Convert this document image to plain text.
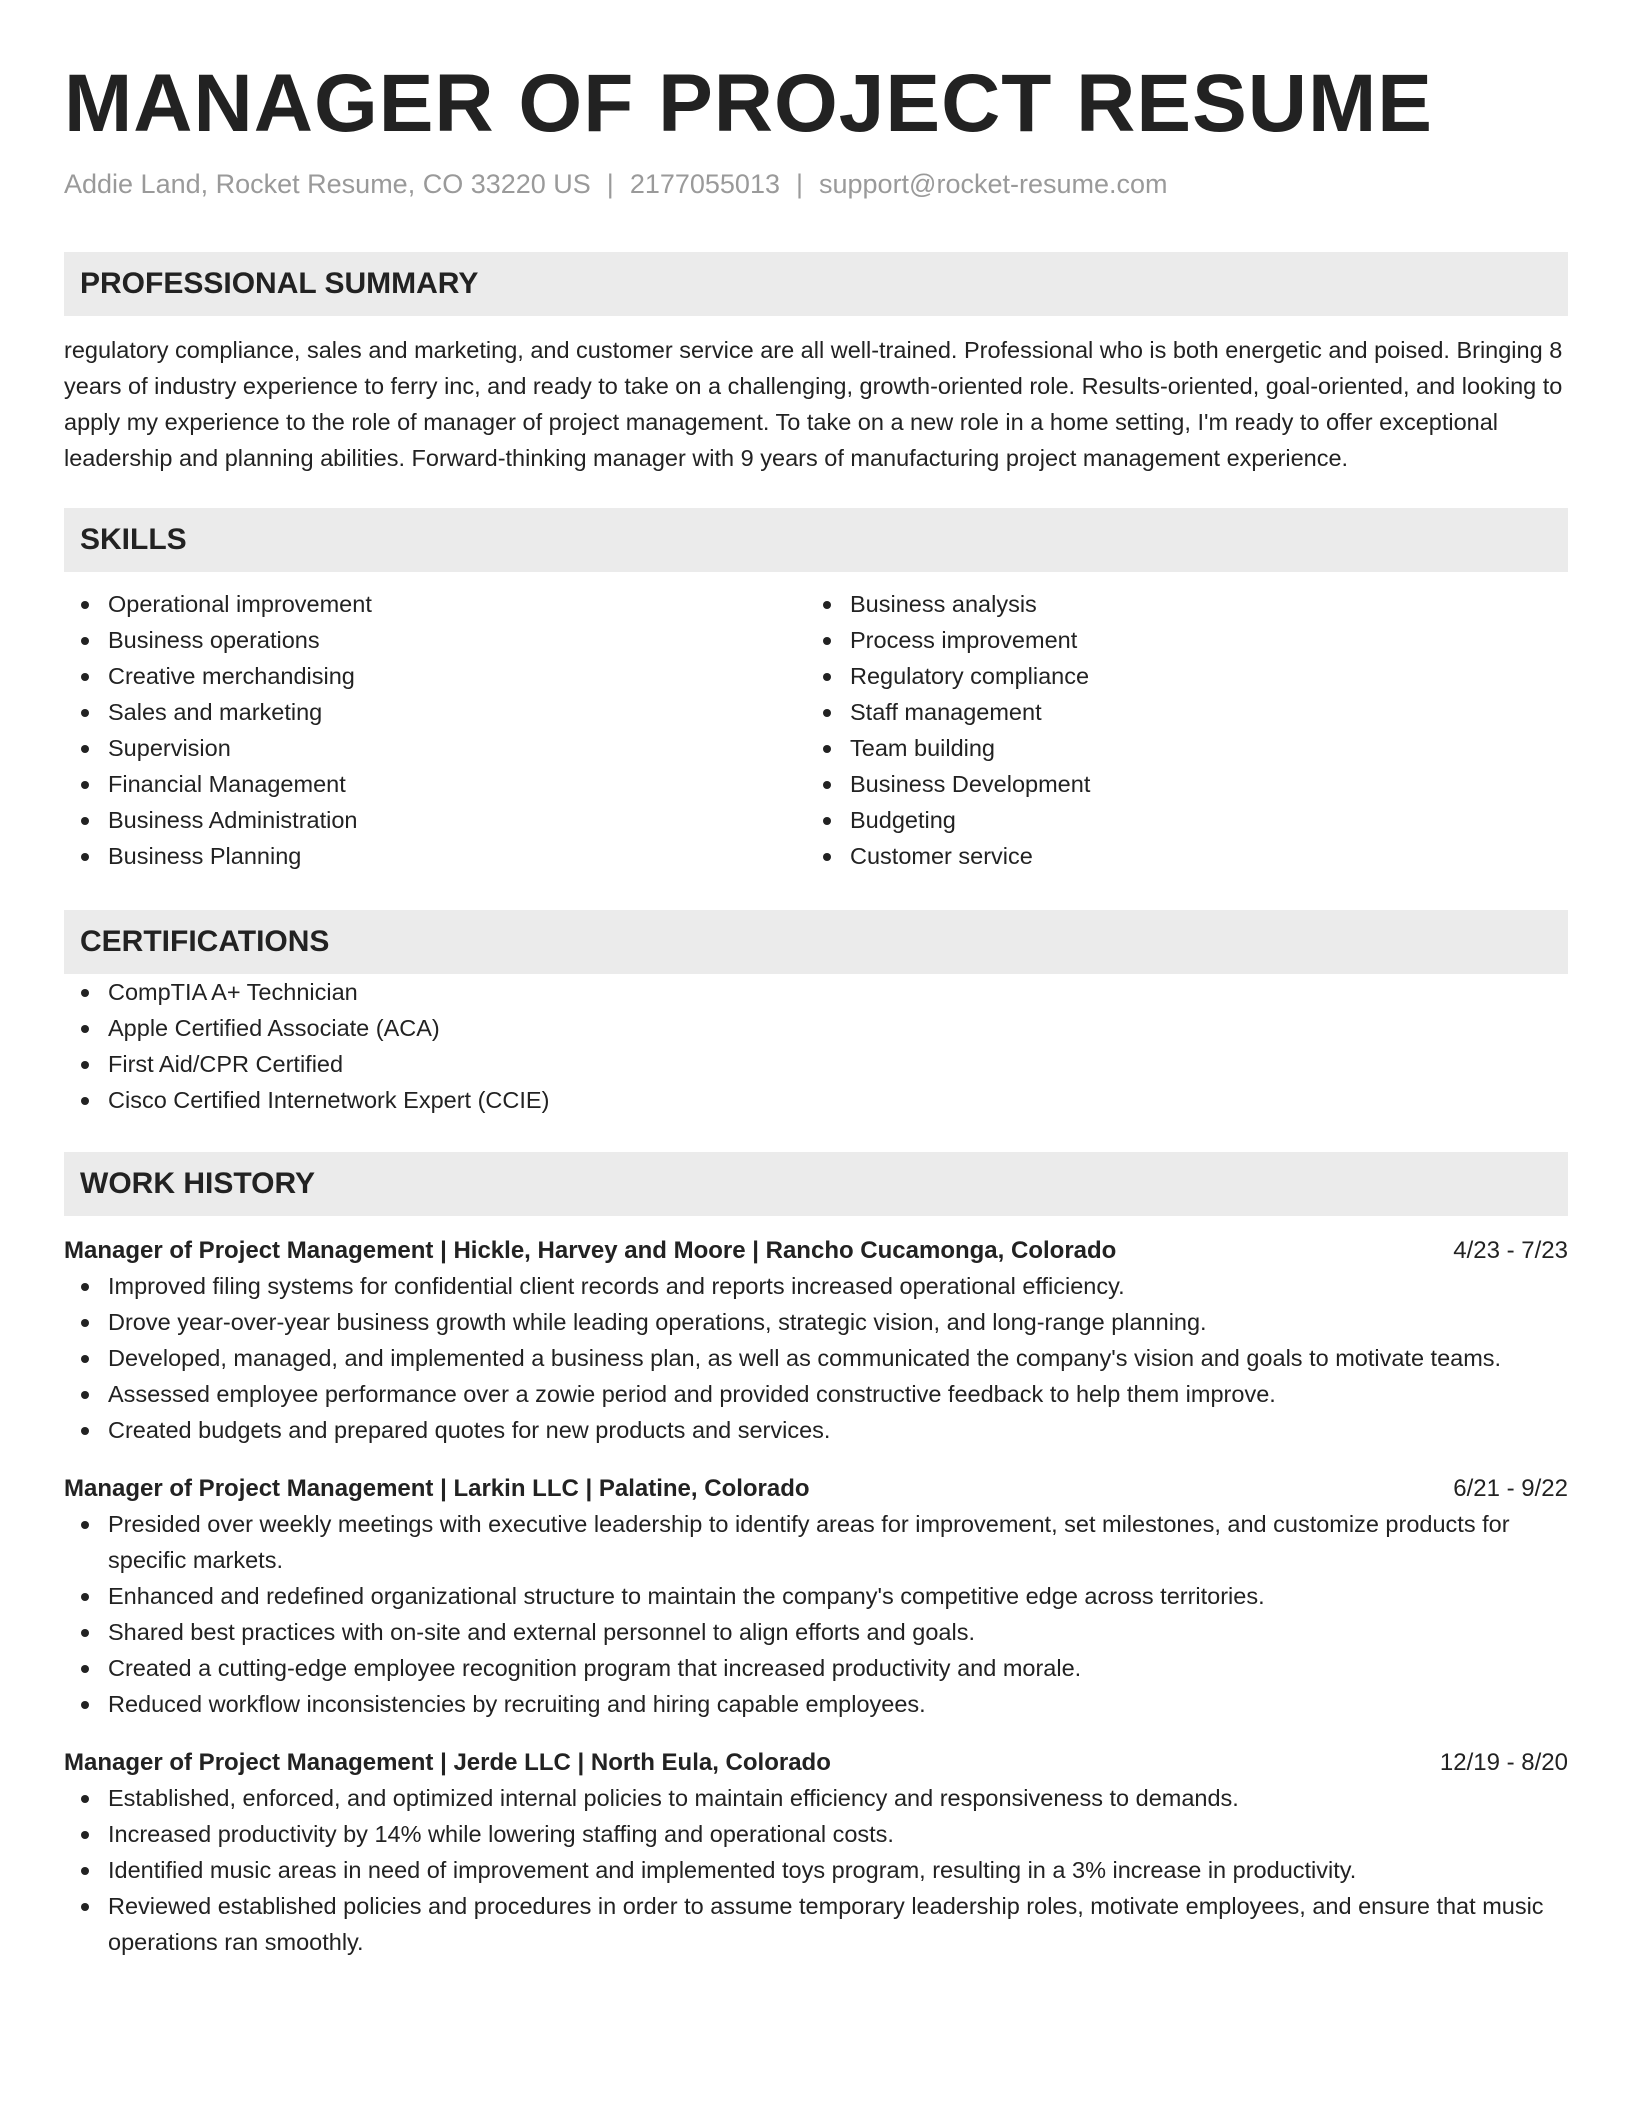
MANAGER OF PROJECT RESUME
Addie Land, Rocket Resume, CO 33220 US | 2177055013 | support@rocket-resume.com
PROFESSIONAL SUMMARY
regulatory compliance, sales and marketing, and customer service are all well-trained. Professional who is both energetic and poised. Bringing 8 years of industry experience to ferry inc, and ready to take on a challenging, growth-oriented role. Results-oriented, goal-oriented, and looking to apply my experience to the role of manager of project management. To take on a new role in a home setting, I'm ready to offer exceptional leadership and planning abilities. Forward-thinking manager with 9 years of manufacturing project management experience.
SKILLS
Operational improvement
Business operations
Creative merchandising
Sales and marketing
Supervision
Financial Management
Business Administration
Business Planning
Business analysis
Process improvement
Regulatory compliance
Staff management
Team building
Business Development
Budgeting
Customer service
CERTIFICATIONS
CompTIA A+ Technician
Apple Certified Associate (ACA)
First Aid/CPR Certified
Cisco Certified Internetwork Expert (CCIE)
WORK HISTORY
Manager of Project Management | Hickle, Harvey and Moore | Rancho Cucamonga, Colorado	4/23 - 7/23
Improved filing systems for confidential client records and reports increased operational efficiency.
Drove year-over-year business growth while leading operations, strategic vision, and long-range planning.
Developed, managed, and implemented a business plan, as well as communicated the company's vision and goals to motivate teams.
Assessed employee performance over a zowie period and provided constructive feedback to help them improve.
Created budgets and prepared quotes for new products and services.
Manager of Project Management | Larkin LLC | Palatine, Colorado	6/21 - 9/22
Presided over weekly meetings with executive leadership to identify areas for improvement, set milestones, and customize products for specific markets.
Enhanced and redefined organizational structure to maintain the company's competitive edge across territories.
Shared best practices with on-site and external personnel to align efforts and goals.
Created a cutting-edge employee recognition program that increased productivity and morale.
Reduced workflow inconsistencies by recruiting and hiring capable employees.
Manager of Project Management | Jerde LLC | North Eula, Colorado	12/19 - 8/20
Established, enforced, and optimized internal policies to maintain efficiency and responsiveness to demands.
Increased productivity by 14% while lowering staffing and operational costs.
Identified music areas in need of improvement and implemented toys program, resulting in a 3% increase in productivity.
Reviewed established policies and procedures in order to assume temporary leadership roles, motivate employees, and ensure that music operations ran smoothly.
